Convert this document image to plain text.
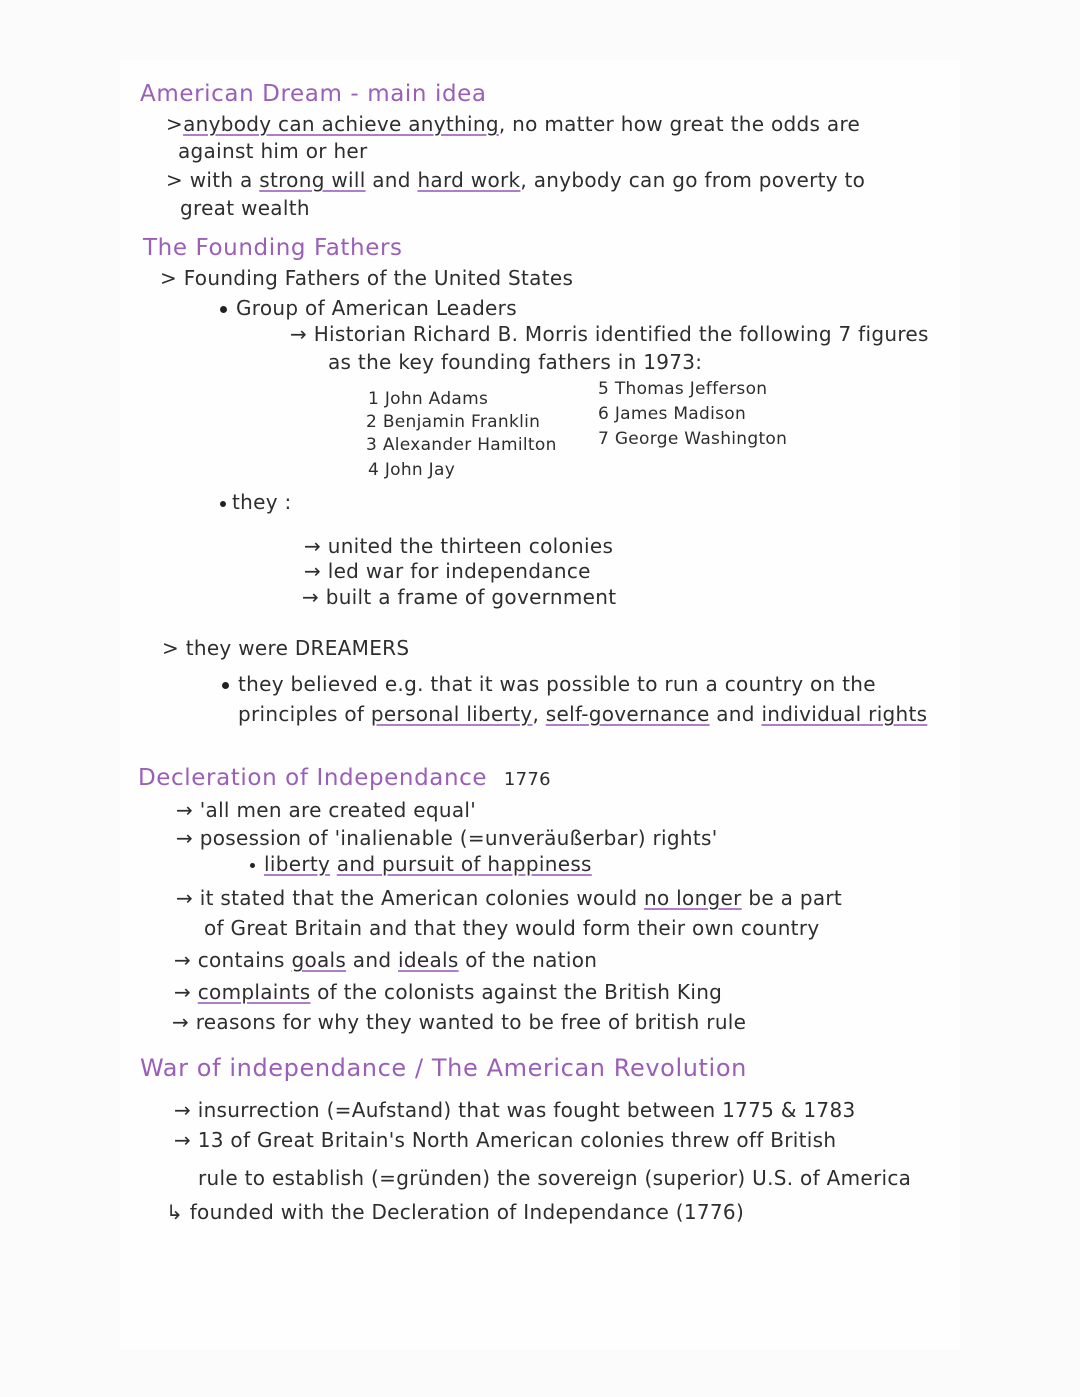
American Dream - main idea
>anybody can achieve anything, no matter how great the odds are
against him or her
> with a strong will and hard work, anybody can go from poverty to
great wealth
The Founding Fathers
> Founding Fathers of the United States
Group of American Leaders
→ Historian Richard B. Morris identified the following 7 figures
as the key founding fathers in 1973:
1 John Adams
2 Benjamin Franklin
3 Alexander Hamilton
4 John Jay
5 Thomas Jefferson
6 James Madison
7 George Washington
they :
→ united the thirteen colonies
→ led war for independance
→ built a frame of government
> they were DREAMERS
they believed e.g. that it was possible to run a country on the
principles of personal liberty, self-governance and individual rights
Decleration of Independance 1776
→ 'all men are created equal'
→ posession of 'inalienable (=unveräußerbar) rights'
liberty and pursuit of happiness
→ it stated that the American colonies would no longer be a part
of Great Britain and that they would form their own country
→ contains goals and ideals of the nation
→ complaints of the colonists against the British King
→ reasons for why they wanted to be free of british rule
War of independance / The American Revolution
→ insurrection (=Aufstand) that was fought between 1775 & 1783
→ 13 of Great Britain's North American colonies threw off British
rule to establish (=gründen) the sovereign (superior) U.S. of America
↳ founded with the Decleration of Independance (1776)
